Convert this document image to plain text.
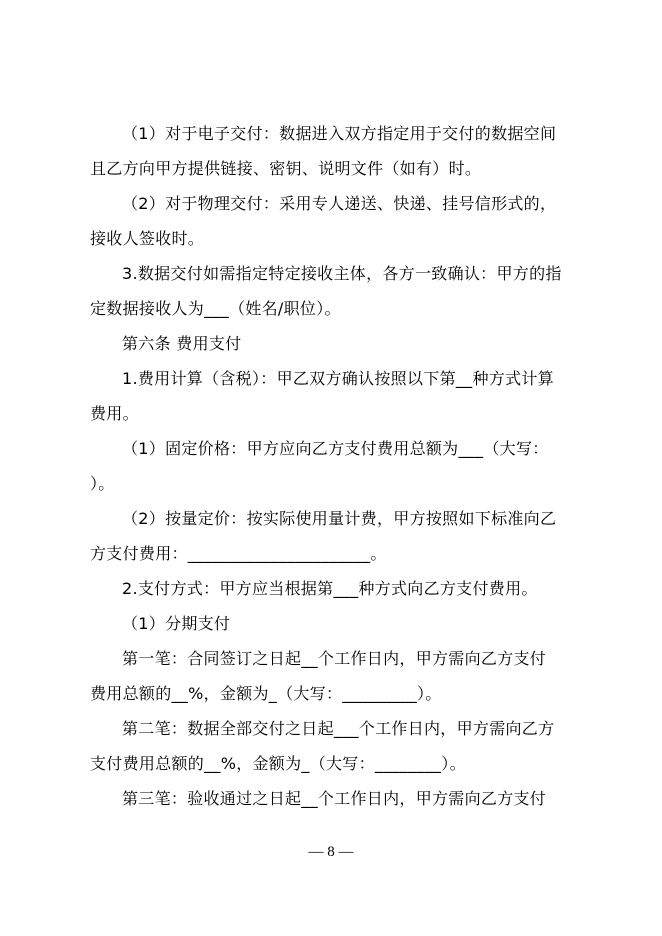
（1）对于电子交付：数据进入双方指定用于交付的数据空间
且乙方向甲方提供链接、密钥、说明文件（如有）时。
（2）对于物理交付：采用专人递送、快递、挂号信形式的，
接收人签收时。
3.数据交付如需指定特定接收主体，各方一致确认：甲方的指
定数据接收人为___（姓名/职位）。
第六条 费用支付
1.费用计算（含税）：甲乙双方确认按照以下第__种方式计算
费用。
（1）固定价格：甲方应向乙方支付费用总额为___（大写：
）。
（2）按量定价：按实际使用量计费，甲方按照如下标准向乙
方支付费用：______________________。
2.支付方式：甲方应当根据第___种方式向乙方支付费用。
（1）分期支付
第一笔：合同签订之日起__个工作日内，甲方需向乙方支付
费用总额的__%，金额为_（大写：_________）。
第二笔：数据全部交付之日起___个工作日内，甲方需向乙方
支付费用总额的__%，金额为_（大写：________）。
第三笔：验收通过之日起__个工作日内，甲方需向乙方支付
— 8 —
